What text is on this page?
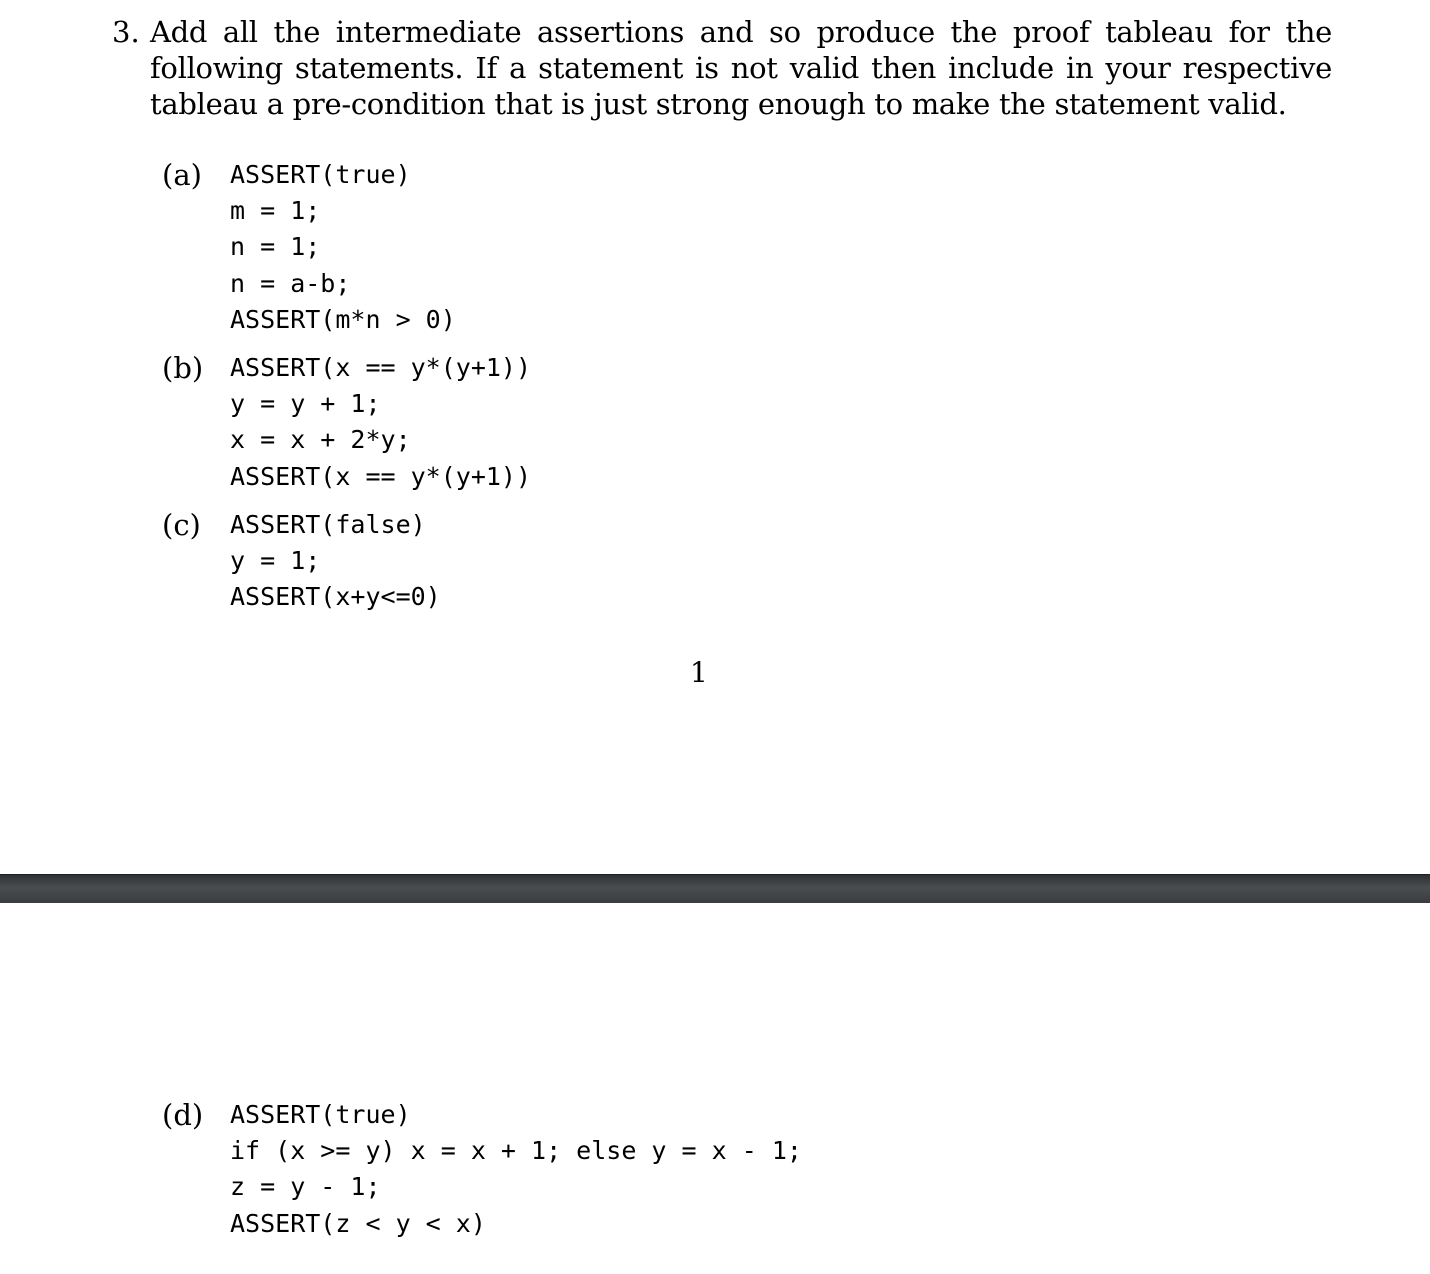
3. Add all the intermediate assertions and so produce the proof tableau for the following statements. If a statement is not valid then include in your respective tableau a pre-condition that is just strong enough to make the statement valid.
(a) ASSERT(true)
m = 1;
n = 1;
n = a-b;
ASSERT(m*n > 0)
(b) ASSERT(x == y*(y+1))
y = y + 1;
x = x + 2*y;
ASSERT(x == y*(y+1))
(c) ASSERT(false)
y = 1;
ASSERT(x+y<=0)
1
(d) ASSERT(true)
if (x >= y) x = x + 1; else y = x - 1;
z = y - 1;
ASSERT(z < y < x)
